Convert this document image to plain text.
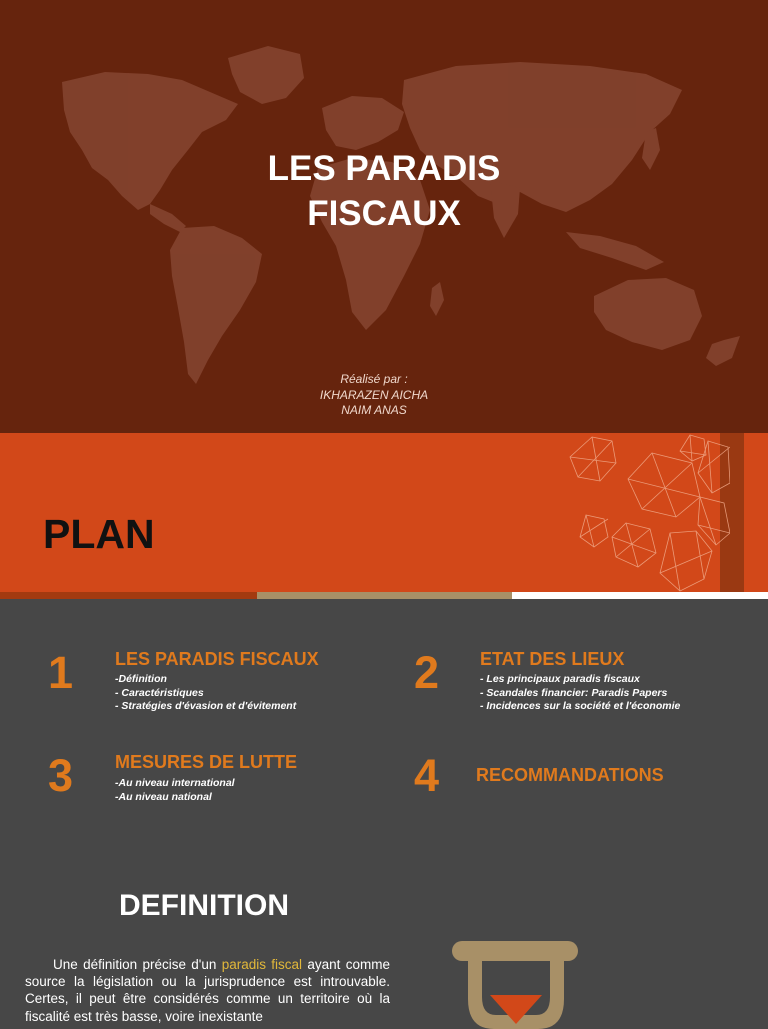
LES PARADIS
FISCAUX
Réalisé par :
IKHARAZEN AICHA
NAIM ANAS
PLAN
1 LES PARADIS FISCAUX
-Définition
- Caractéristiques
- Stratégies d'évasion et d'évitement
2 ETAT DES LIEUX
- Les principaux paradis fiscaux
- Scandales financier: Paradis Papers
- Incidences sur la société et l'économie
3 MESURES DE LUTTE
-Au niveau international
-Au niveau national	4 RECOMMANDATIONS
DEFINITION
Une définition précise d'un paradis fiscal ayant comme source la législation ou la jurisprudence est introuvable. Certes, il peut être considérés comme un territoire où la fiscalité est très basse, voire inexistante
